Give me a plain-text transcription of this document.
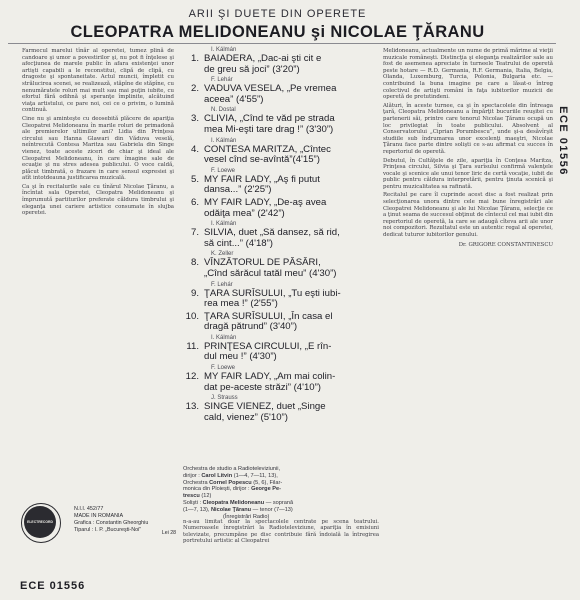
ARII ŞI DUETE DIN OPERETE
CLEOPATRA MELIDONEANU şi NICOLAE ŢĂRANU

Farmecul marelui tînăr al operetei, tumez plină de candoare şi umor a povestirilor şi, nu pot fi înţelese şi afecţiunea de marele public în afara existenţei unor artişti capabili a le reconstitui, clipă de clipă, cu dragoste şi spontaneitate. Actul muncii, împletit cu strălucirea scenei, se realizează, stăpîne de stăpîne, cu nenumăratele roluri mai mult sau mai puţin iubite, cu efortul fără odihnă şi speranţe împlinite, alcătuind viaţa artistului, ce pare noi, cei ce o privim, o lumină continuă.

Cine nu şi aminteşte cu deosebită plăcere de apariţia Cleopatrei Melidoneanu în marile roluri de primadonă ale premierelor ultimilor ani? Lidia din Prinţesa circului sau Hanna Glawari din Văduva veselă, neîntrecută Contesa Maritza sau Gabriela din Singe vienez, toate aceste ziceri de chiar şi ideal ale Cleopatrei Melidoneanu, în care îmagine sale de ecuaţie şi nu stres adesea publicului. O voce caldă, plăcut timbrată, o frazare in care sensul expresiei şi atît intotdeauna justificarea muzicală.

Ca şi în recitalurile sale cu tînărul Nicolae Ţăranu, a încîntat sala Operetei, Cleopatra Melidoneanu şi împrumută partiturilor preferate căldura timbrului şi eleganţa unei cariere artistice consumate în slujba operetei.

I. Kálmán
1. BAIADERA, „Dac-ai şti cit e
de greu să joci” (3'20”)
F. Lehár
2. VADUVA VESELA, „Pe vremea
aceea” (4'55”)
N. Dostal
3. CLIVIA, „Cînd te văd pe strada
mea Mi-eşti tare drag !” (3'30”)
I. Kálmán
4. CONTESA MARITZA, „Cîntec
vesel cînd se-avîntă”(4'15”)
F. Loewe
5. MY FAIR LADY, „Aş fi putut
dansa...” (2'25”)
6. MY FAIR LADY, „De-aş avea
odăiţa mea” (2'42”)
I. Kálmán
7. SILVIA, duet „Să dansez, să rid,
să cint...” (4'18”)
K. Zeller
8. VÎNZĂTORUL DE PĂSĂRI,
„Cînd sărăcul tatăl meu” (4'30”)
F. Lehár
9. ŢARA SURÎSULUI, „Tu eşti iubi-
rea mea !” (2'55”)
10. ŢARA SURÎSULUI, „În casa el
dragă pătrund” (3'40”)
I. Kálmán
11. PRINŢESA CIRCULUI, „E rîn-
dul meu !” (4'30”)
F. Loewe
12. MY FAIR LADY, „Am mai colin-
dat pe-aceste străzi” (4'10”)
J. Strauss
13. SINGE VIENEZ, duet „Singe
cald, vienez” (5'10”)
Orchestra de studio a Radioteleviziunii,
dirijor : Carol Litvin (1—4, 7—11, 13),
Orchestra Cornel Popescu (5, 6), Filar-
monica din Ploieşti, dirijor : George Pe-
trescu (12)
Solişti : Cleopatra Melidoneanu — soprană
(1—7, 13), Nicolae Ţăranu — tenor (7—13)
(Înregistrări Radio)
n-a-au limitat doar la spectacolele centrate pe scena teatrului. Numeroasele înregistrări la Radioteleviziune, apariţia în emisiuni televizate, precumpăne pe disc contribuie fără îndoială la întregirea portretului artistic al Cleopatrei

Melidoneanu, actualmente un nume de primă mărime al vieţii muzicale româneşti. Distincţia şi eleganţa realizărilor sale au fost de asemenea apreciate în turneele Teatrului de operetă peste hotare — R.D. Germania, R.F. Germania, Italia, Belgia, Olanda, Luxemburg, Turcia, Polonia, Bulgaria etc. — contribuind la buna imagine pe care a lăsat-o întreg colectivul de artişti români în faţa iubitorilor muzicii de operetă de pretutindeni.

Alături, în aceste turnee, ca şi în spectacolele din întreaga ţară, Cleopatra Melidoneanu a împărţit bucuriile reuşitei cu partenerii săi, printre care tenorul Nicolae Ţăranu ocupă un loc privilegiat în toate publicului. Absolvent al Conservatorului „Ciprian Porumbescu”, unde şi-a desăvîrşit studiile sub îndrumarea unor excelenţi maeştri, Nicolae Ţăranu face parte dintre solişti ce s-au afirmat cu succes în repertoriul de operetă.

Debutul, în Cultăţele de zile, apariţia în Conţesa Maritza, Prinţesa circului, Silvia şi Ţara surîsului confirmă valenţele vocale şi scenice ale unui tenor liric de certă vocaţie, iubit de public pentru căldura interpretării, pentru ţinuta scenică şi pentru muzicalitatea sa rafinată.

Recitalul pe care îl cuprinde acest disc a fost realizat prin selecţionarea unora dintre cele mai bune înregistrări ale Cleopatrei Melidoneanu şi ale lui Nicolae Ţăranu, selecţie ce a ţinut seama de succesul obţinut de cîntecul cel mai iubit din repertoriul de operetă, la care se adaugă cîteva arii ale unor noi compozitori. Rezultatul este un autentic regal al operetei, dedicat tuturor iubitorilor genului.

Dr. GRIGORE CONSTANTINESCU
ELECTRECORD
N.I.I. 452/77
MADE IN ROMANIA
Grafica : Constantin Gheorghiu
Tiparul : I. P. „Bucureşti-Noi”	Lei 28
ECE 01556
ECE 01556
